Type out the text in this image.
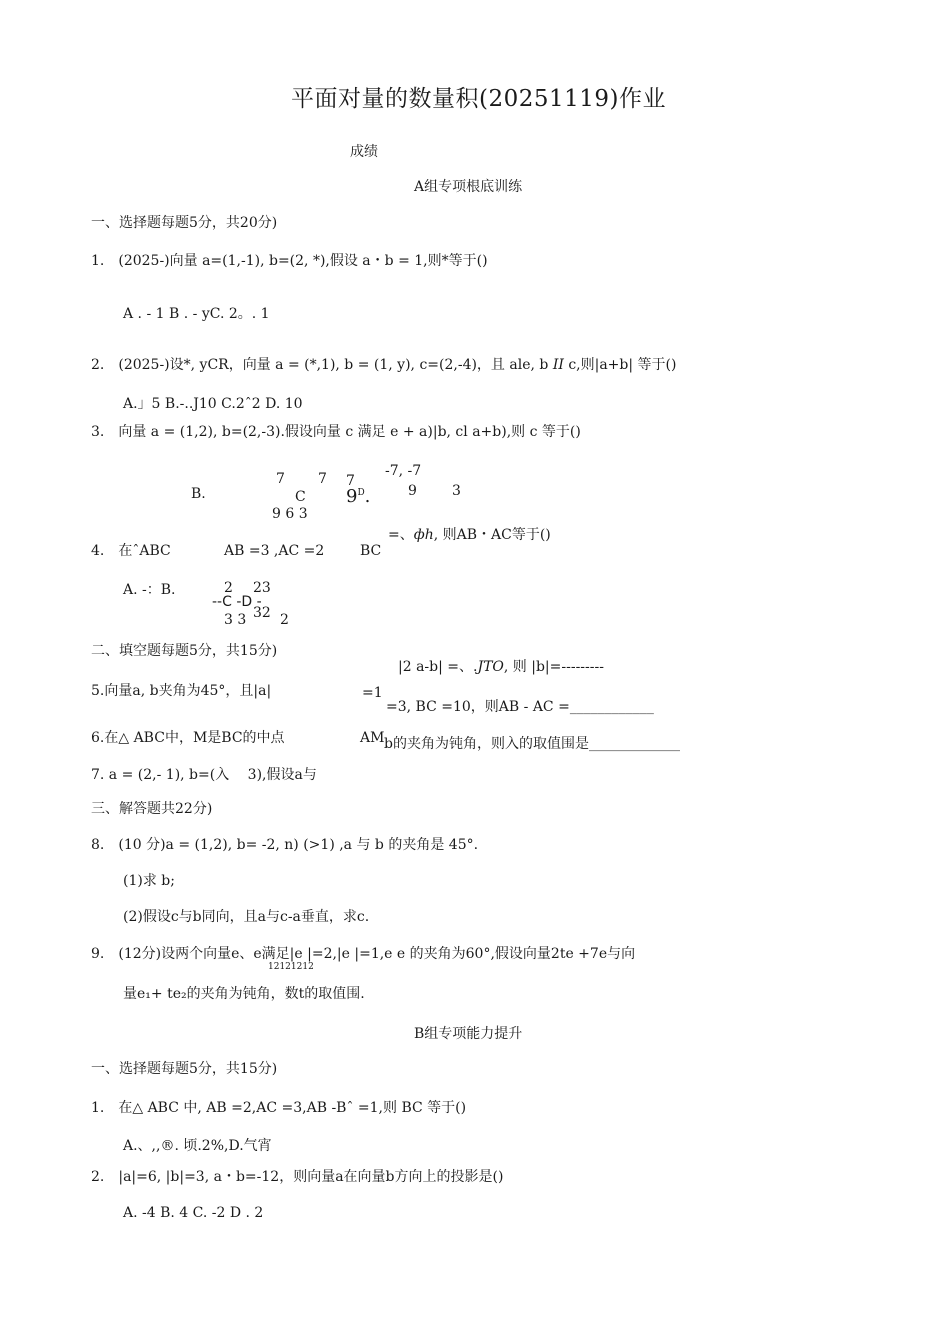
平面对量的数量积(20251119)作业
成绩
A组专项根底训练
一、选择题每题5分，共20分)
1.　(2025-)向量 a=(1,-1), b=(2, *),假设 a・b = 1,则*等于()
A . - 1 B . - yC. 2。. 1
2.　(2025-)设*, yCR，向量 a = (*,1), b = (1, y), c=(2,-4)，且 ale, b II c,则|a+b| 等于()
A.」5 B.-..J10 C.2ˆ2 D. 10
3.　向量 a = (1,2), b=(2,-3).假设向量 c 满足 e + a)|b, cl a+b),则 c 等于()
B.
7 7 7
-7, -7
C	9
$9^D$.	3
9 6 3
4.　在ˆABC	AB =3 ,AC =2	BC
=、фh, 则AB・AC等于()
A. -：B.	2 23
--C -D -
3 3 32 2
二、填空题每题5分，共15分)
|2 a-b| =、.JTO, 则 |b|=---------
5.向量a, b夹角为45°，且|a|	=1
=3, BC =10，则AB - AC =____________
6.在△ ABC中，M是BC的中点	AM b的夹角为钝角，则入的取值围是_____________
7. a = (2,- 1), b=(入　 3),假设a与
三、解答题共22分)
8.　(10 分)a = (1,2), b= -2, n) (>1) ,a 与 b 的夹角是 45°.
(1)求 b;
(2)假设c与b同向，且a与c-a垂直，求c.
9.　(12分)设两个向量e、e满足|e |=2,|e |=1,e e 的夹角为60°,假设向量2te +7e与向
12121212
量e₁+ te₂的夹角为钝角，数t的取值围.
B组专项能力提升
一、选择题每题5分，共15分)
1.　在△ ABC 中, AB =2,AC =3,AB -Bˆ =1,则 BC 等于()
A.、,,®. 顷.2%,D.气宵
2.　|a|=6, |b|=3, a・b=-12，则向量a在向量b方向上的投影是()
A. -4 B. 4 C. -2 D . 2
